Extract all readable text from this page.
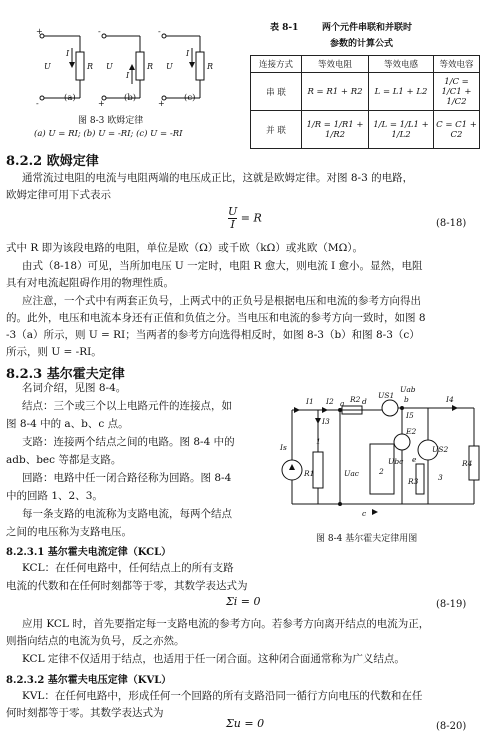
+
U
-
I
R
-
U
+
I
R
-
U
+
I
R
(a)	(b)	(c)
图 8-3 欧姆定律
(a) U = RI; (b) U = -RI; (c) U = -RI
表 8-1	两个元件串联和并联时
参数的计算公式
连接方式	等效电阻	等效电感	等效电容
串 联	R = R1 + R2	L = L1 + L2	1/C = 1/C1 + 1/C2
并 联	1/R = 1/R1 + 1/R2	1/L = 1/L1 + 1/L2	C = C1 + C2
8.2.2 欧姆定律
通常流过电阻的电流与电阻两端的电压成正比，这就是欧姆定律。对图 8-3 的电路，
欧姆定律可用下式表示
$\frac{U}{I} = R$	(8-18)
式中 R 即为该段电路的电阻，单位是欧（Ω）或千欧（kΩ）或兆欧（MΩ）。
由式（8-18）可见，当所加电压 U 一定时，电阻 R 愈大，则电流 I 愈小。显然，电阻
具有对电流起阻碍作用的物理性质。
应注意，一个式中有两套正负号，上两式中的正负号是根据电压和电流的参考方向得出
的。此外，电压和电流本身还有正值和负值之分。当电压和电流的参考方向一致时，如图 8
-3（a）所示，则 U = RI；当两者的参考方向选得相反时，如图 8-3（b）和图 8-3（c）
所示，则 U = -RI。
8.2.3 基尔霍夫定律
名词介绍，见图 8-4。
结点：三个或三个以上电路元件的连接点，如
图 8-4 中的 a、b、c 点。
支路：连接两个结点之间的电路。图 8-4 中的
adb、bec 等都是支路。
回路：电路中任一闭合路径称为回路。图 8-4
中的回路 1、2、3。
每一条支路的电流称为支路电流，每两个结点
之间的电压称为支路电压。
8.2.3.1 基尔霍夫电流定律（KCL）
KCL：在任何电路中，任何结点上的所有支路
电流的代数和在任何时刻都等于零，其数学表达式为
Σi = 0	(8-19)
应用 KCL 时，首先要指定每一支路电流的参考方向。若参考方向离开结点的电流为正，
则指向结点的电流为负号，反之亦然。
KCL 定律不仅适用于结点，也适用于任一闭合面。这种闭合面通常称为广义结点。
8.2.3.2 基尔霍夫电压定律（KVL）
KVL：在任何电路中，形成任何一个回路的所有支路沿同一循行方向电压的代数和在任
何时刻都等于零。其数学表达式为
Σu = 0	(8-20)
Uab
US1
R2
Is
I1 I2
I3
I4
I5
R1	Uac	2
E2
Ubc
US2
R3	3
R4
1
a	b
c
d
e
图 8-4 基尔霍夫定律用图
